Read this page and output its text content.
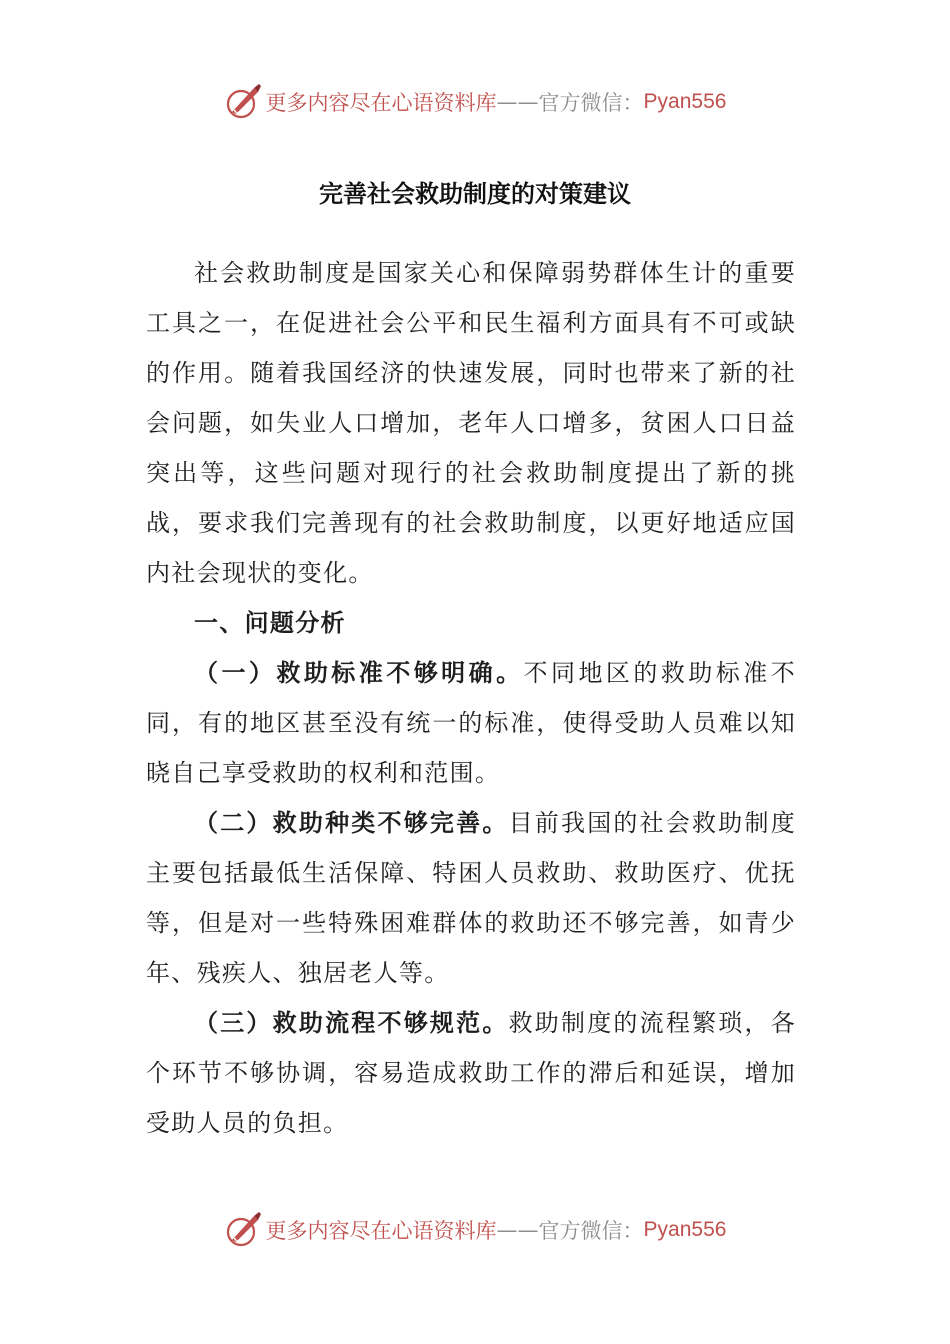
更多内容尽在心语资料库 — — 官方微信： Pyan556
完善社会救助制度的对策建议

社会救助制度是国家关心和保障弱势群体生计的重要工具之一，在促进社会公平和民生福利方面具有不可或缺的作用。随着我国经济的快速发展，同时也带来了新的社会问题，如失业人口增加，老年人口增多，贫困人口日益突出等，这些问题对现行的社会救助制度提出了新的挑战，要求我们完善现有的社会救助制度，以更好地适应国内社会现状的变化。

一、问题分析

（一）救助标准不够明确。不同地区的救助标准不同，有的地区甚至没有统一的标准，使得受助人员难以知晓自己享受救助的权利和范围。

（二）救助种类不够完善。目前我国的社会救助制度主要包括最低生活保障、特困人员救助、救助医疗、优抚等，但是对一些特殊困难群体的救助还不够完善，如青少年、残疾人、独居老人等。

（三）救助流程不够规范。救助制度的流程繁琐，各个环节不够协调，容易造成救助工作的滞后和延误，增加受助人员的负担。

更多内容尽在心语资料库 — — 官方微信： Pyan556
